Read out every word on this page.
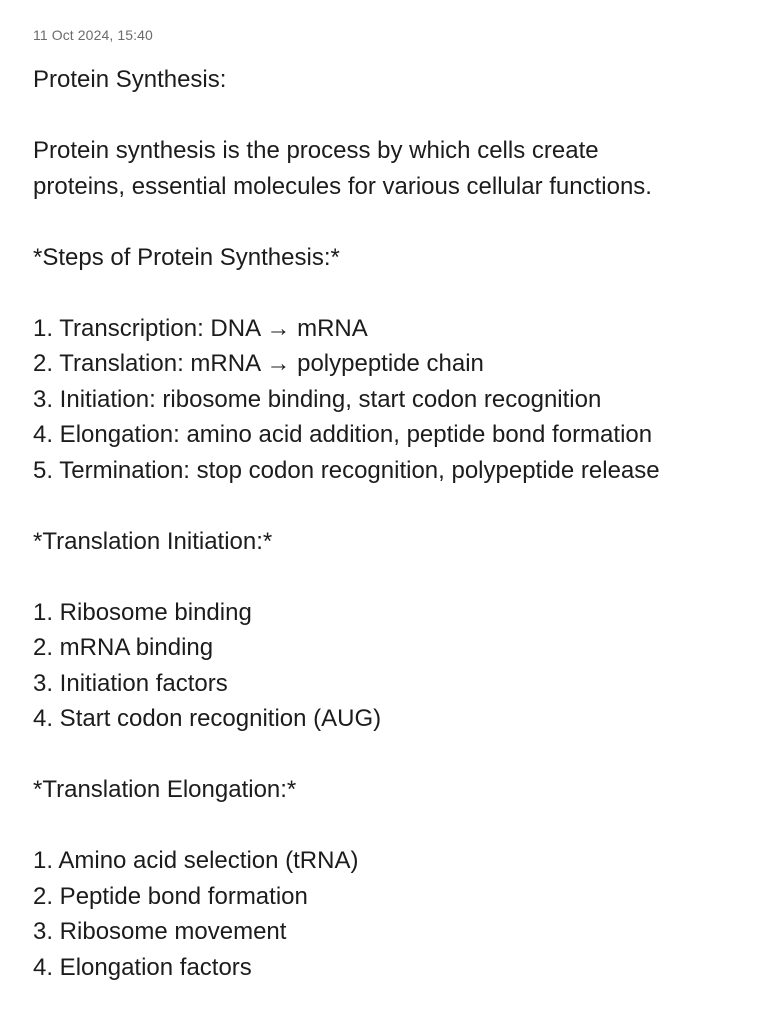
11 Oct 2024, 15:40
Protein Synthesis:
Protein synthesis is the process by which cells create
proteins, essential molecules for various cellular functions.
*Steps of Protein Synthesis:*
1. Transcription: DNA → mRNA
2. Translation: mRNA → polypeptide chain
3. Initiation: ribosome binding, start codon recognition
4. Elongation: amino acid addition, peptide bond formation
5. Termination: stop codon recognition, polypeptide release
*Translation Initiation:*
1. Ribosome binding
2. mRNA binding
3. Initiation factors
4. Start codon recognition (AUG)
*Translation Elongation:*
1. Amino acid selection (tRNA)
2. Peptide bond formation
3. Ribosome movement
4. Elongation factors
